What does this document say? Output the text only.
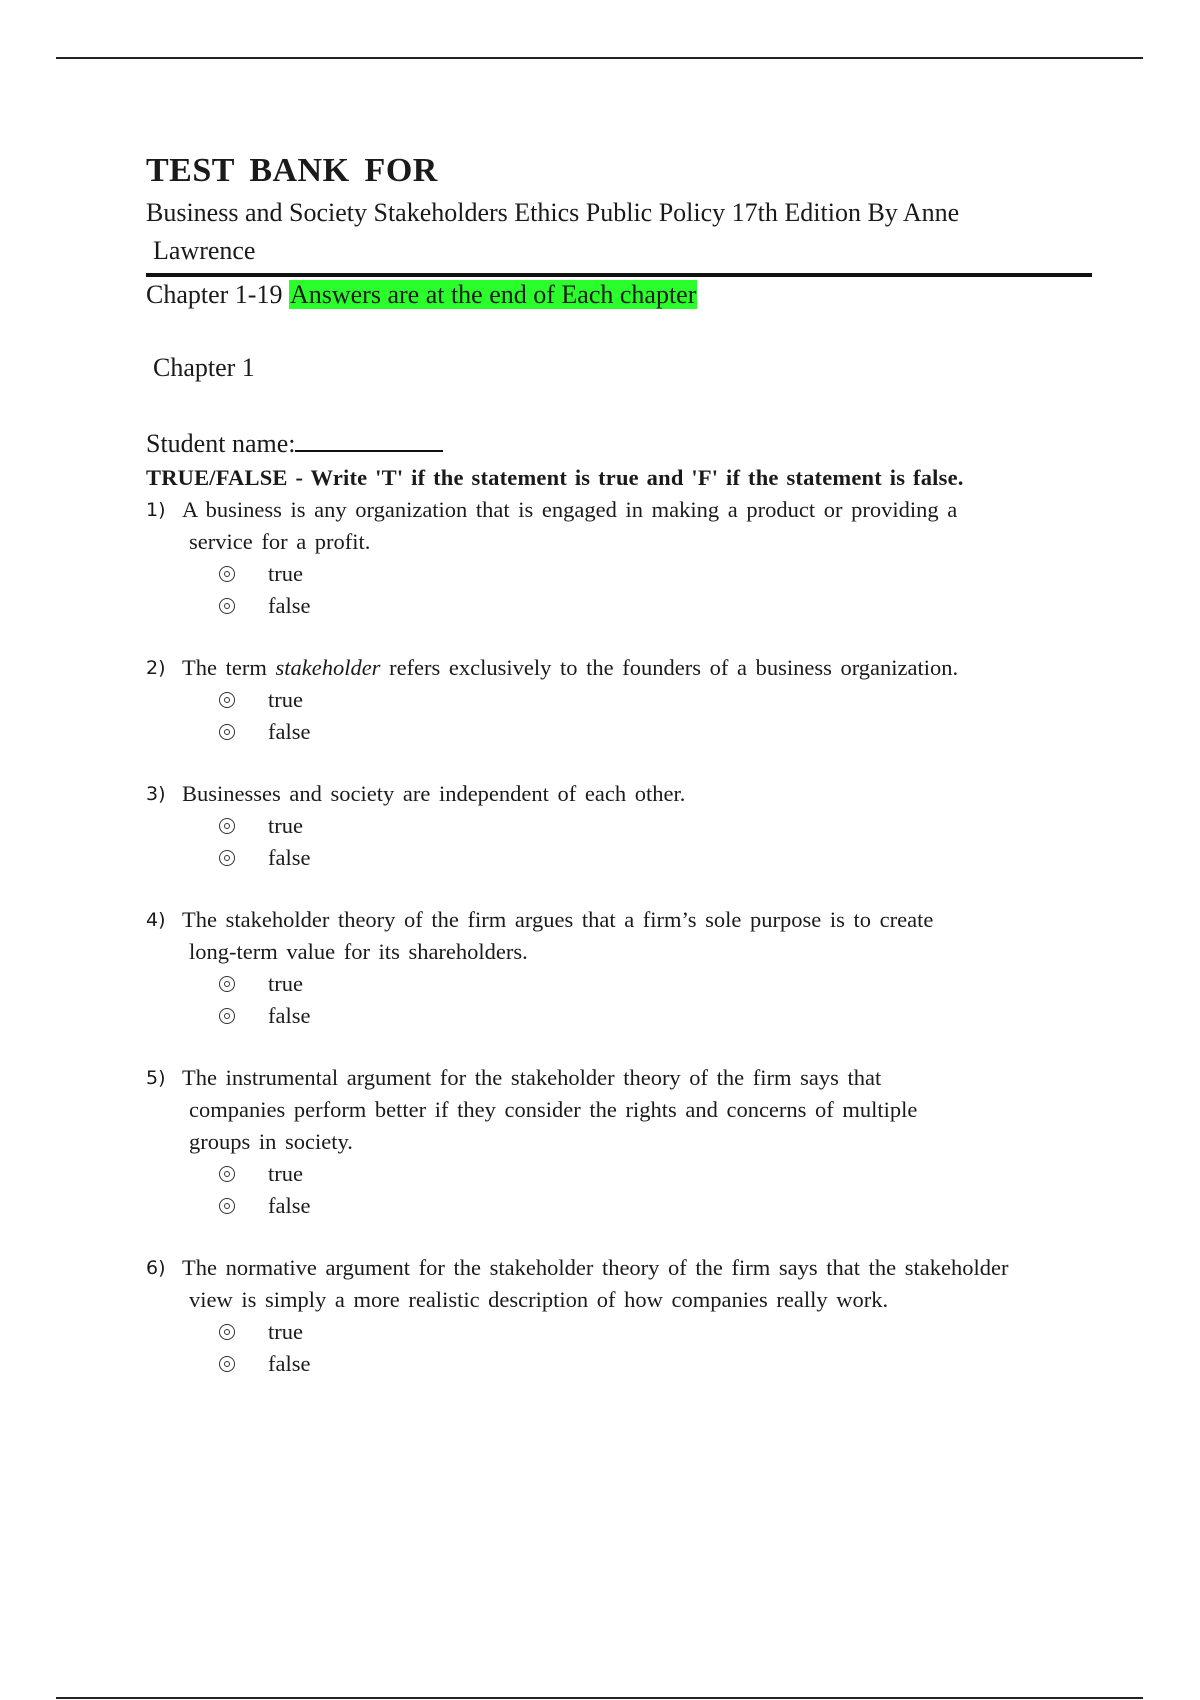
TEST BANK FOR
Business and Society Stakeholders Ethics Public Policy 17th Edition By Anne
Lawrence
Chapter 1-19 Answers are at the end of Each chapter
Chapter 1
Student name:
TRUE/FALSE - Write 'T' if the statement is true and 'F' if the statement is false.
1) A business is any organization that is engaged in making a product or providing a
service for a profit.
true
false
2) The term stakeholder refers exclusively to the founders of a business organization.
true
false
3) Businesses and society are independent of each other.
true
false
4) The stakeholder theory of the firm argues that a firm’s sole purpose is to create
long-term value for its shareholders.
true
false
5) The instrumental argument for the stakeholder theory of the firm says that
companies perform better if they consider the rights and concerns of multiple
groups in society.
true
false
6) The normative argument for the stakeholder theory of the firm says that the stakeholder
view is simply a more realistic description of how companies really work.
true
false
